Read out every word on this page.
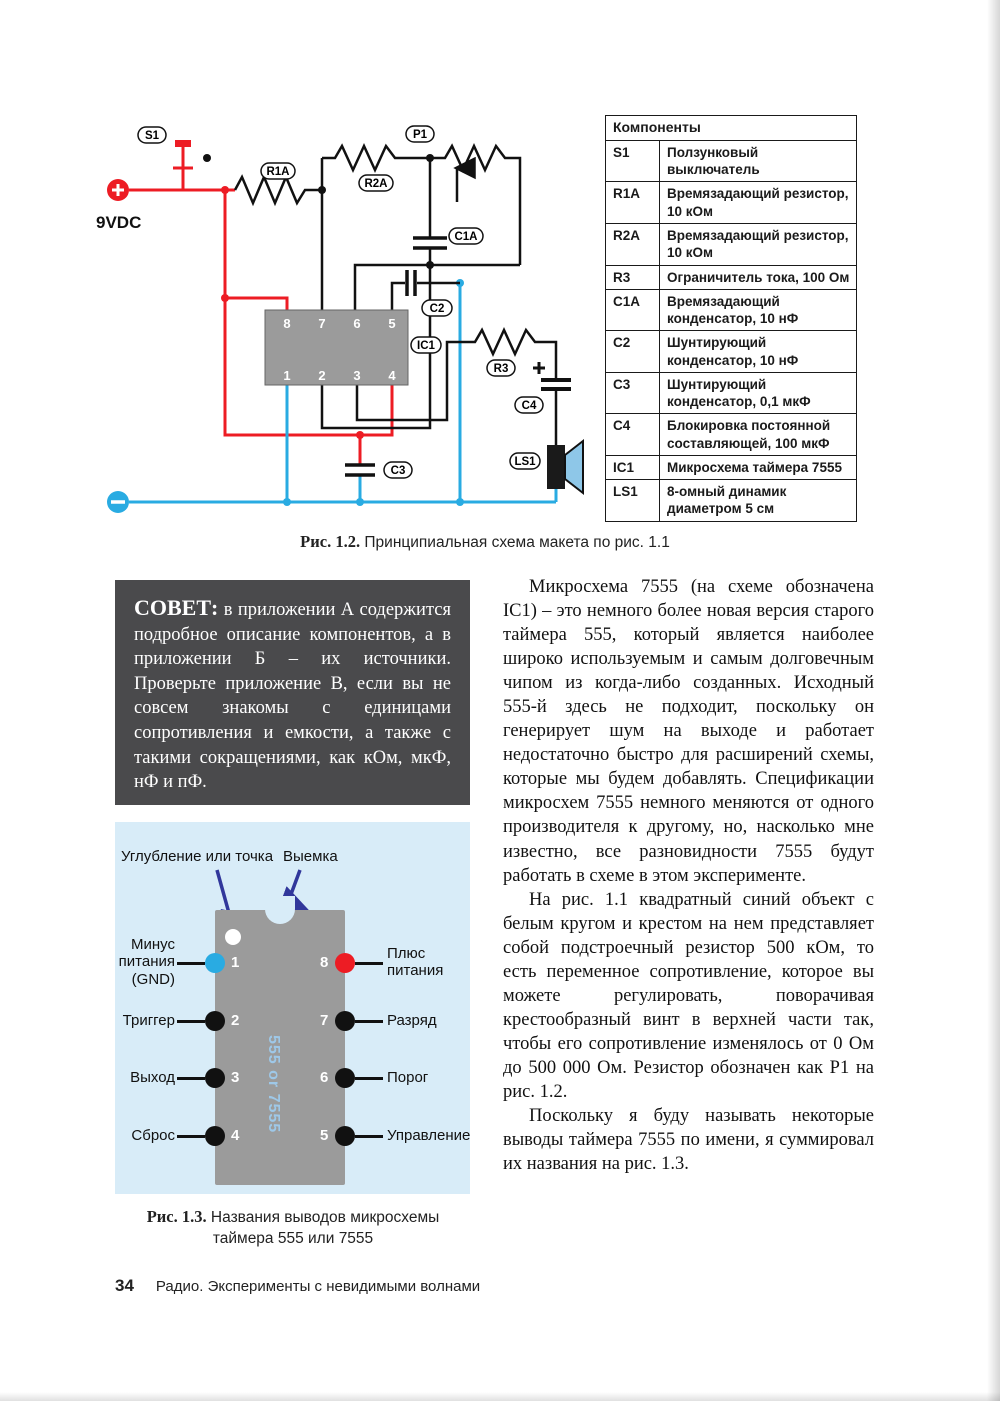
9VDC
8 7 6 5
1 2 3 4
S1
R1A
P1
R2A
C1A
C2
IC1
R3
C4
C3
LS1
Компоненты	
S1	Ползунковый выключатель
R1A	Времязадающий резистор, 10 кОм
R2A	Времязадающий резистор, 10 кОм
R3	Ограничитель тока, 100 Ом
C1A	Времязадающий конденсатор, 10 нФ
C2	Шунтирующий конденсатор, 10 нФ
C3	Шунтирующий конденсатор, 0,1 мкФ
C4	Блокировка постоянной составляющей, 100 мкФ
IC1	Микросхема таймера 7555
LS1	8-омный динамик диаметром 5 см
Рис. 1.2. Принципиальная схема макета по рис. 1.1
СОВЕТ: в приложении А содержится подробное описание компонентов, а в приложении Б – их источники. Проверьте приложение В, если вы не совсем знакомы с единицами сопротивления и емкости, а также с такими сокращениями, как кОм, мкФ, нФ и пФ.

Микросхема 7555 (на схеме обозначена IC1) – это немного более новая версия старого таймера 555, который является наиболее широко используемым и самым долговечным чипом из когда-либо созданных. Исходный 555-й здесь не подходит, поскольку он генерирует шум на выходе и работает недостаточно быстро для расширений схемы, которые мы будем добавлять. Спецификации микросхем 7555 немного меняются от одного производителя к другому, но, насколько мне известно, все разновидности 7555 будут работать в схеме в этом эксперименте.

На рис. 1.1 квадратный синий объект с белым кругом и крестом на нем представляет собой подстроечный резистор 500 кОм, то есть переменное сопротивление, которое вы можете регулировать, поворачивая крестообразный винт в верхней части так, чтобы его сопротивление изменялось от 0 Ом до 500 000 Ом. Резистор обозначен как P1 на рис. 1.2.

Поскольку я буду называть некоторые выводы таймера 7555 по имени, я суммировал их названия на рис. 1.3.

Углубление или точка Выемка
555 or 7555
1
2
3
4
Минус питания (GND)
Триггер
Выход
Сброс
8
7
6
5
Плюс питания
Разряд
Порог
Управление
Рис. 1.3. Названия выводов микросхемы таймера 555 или 7555
34 Радио. Эксперименты с невидимыми волнами
